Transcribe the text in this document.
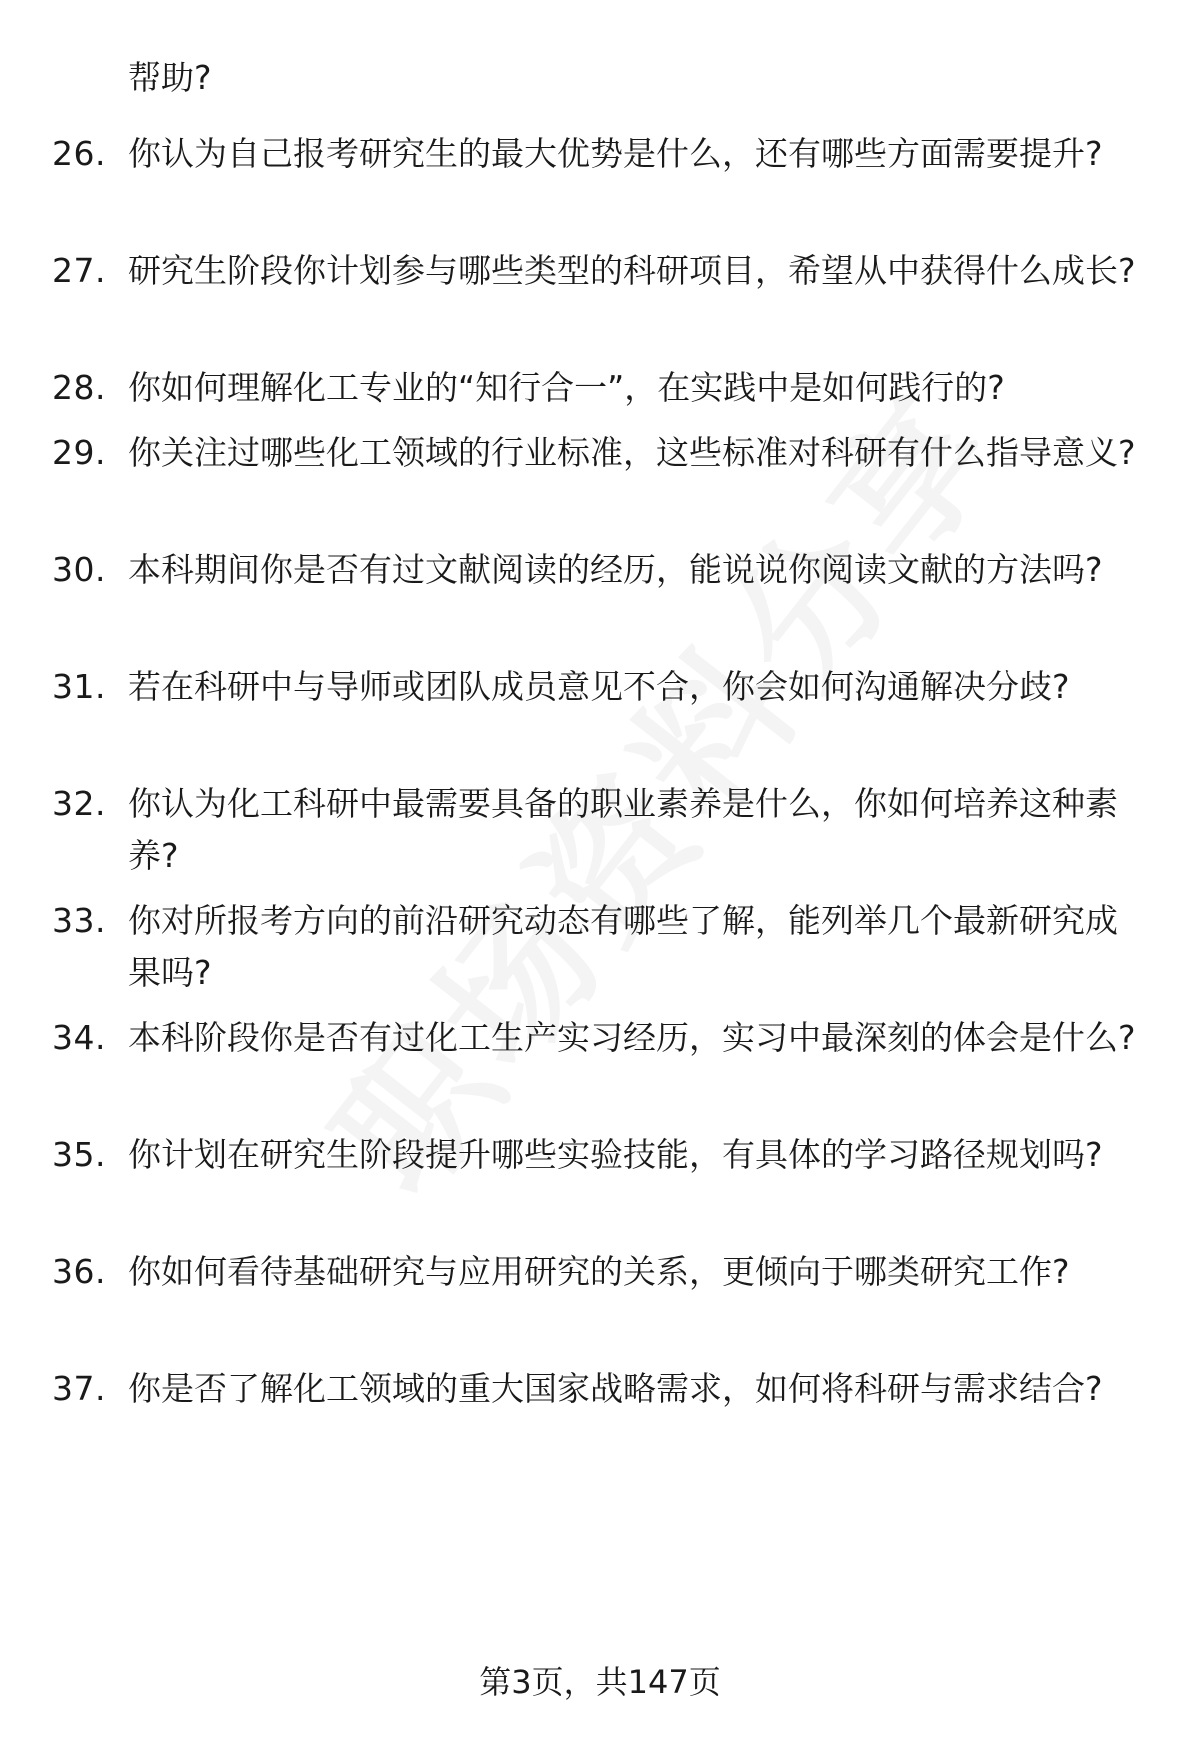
帮助?
26. 你认为自己报考研究生的最大优势是什么，还有哪些方面需要提升?
27. 研究生阶段你计划参与哪些类型的科研项目，希望从中获得什么成长?
28. 你如何理解化工专业的“知行合一”，在实践中是如何践行的?
29. 你关注过哪些化工领域的行业标准，这些标准对科研有什么指导意义?
30. 本科期间你是否有过文献阅读的经历，能说说你阅读文献的方法吗?
31. 若在科研中与导师或团队成员意见不合，你会如何沟通解决分歧?
32. 你认为化工科研中最需要具备的职业素养是什么，你如何培养这种素养?
33. 你对所报考方向的前沿研究动态有哪些了解，能列举几个最新研究成果吗?
34. 本科阶段你是否有过化工生产实习经历，实习中最深刻的体会是什么?
35. 你计划在研究生阶段提升哪些实验技能，有具体的学习路径规划吗?
36. 你如何看待基础研究与应用研究的关系，更倾向于哪类研究工作?
37. 你是否了解化工领域的重大国家战略需求，如何将科研与需求结合?
第3页，共147页
